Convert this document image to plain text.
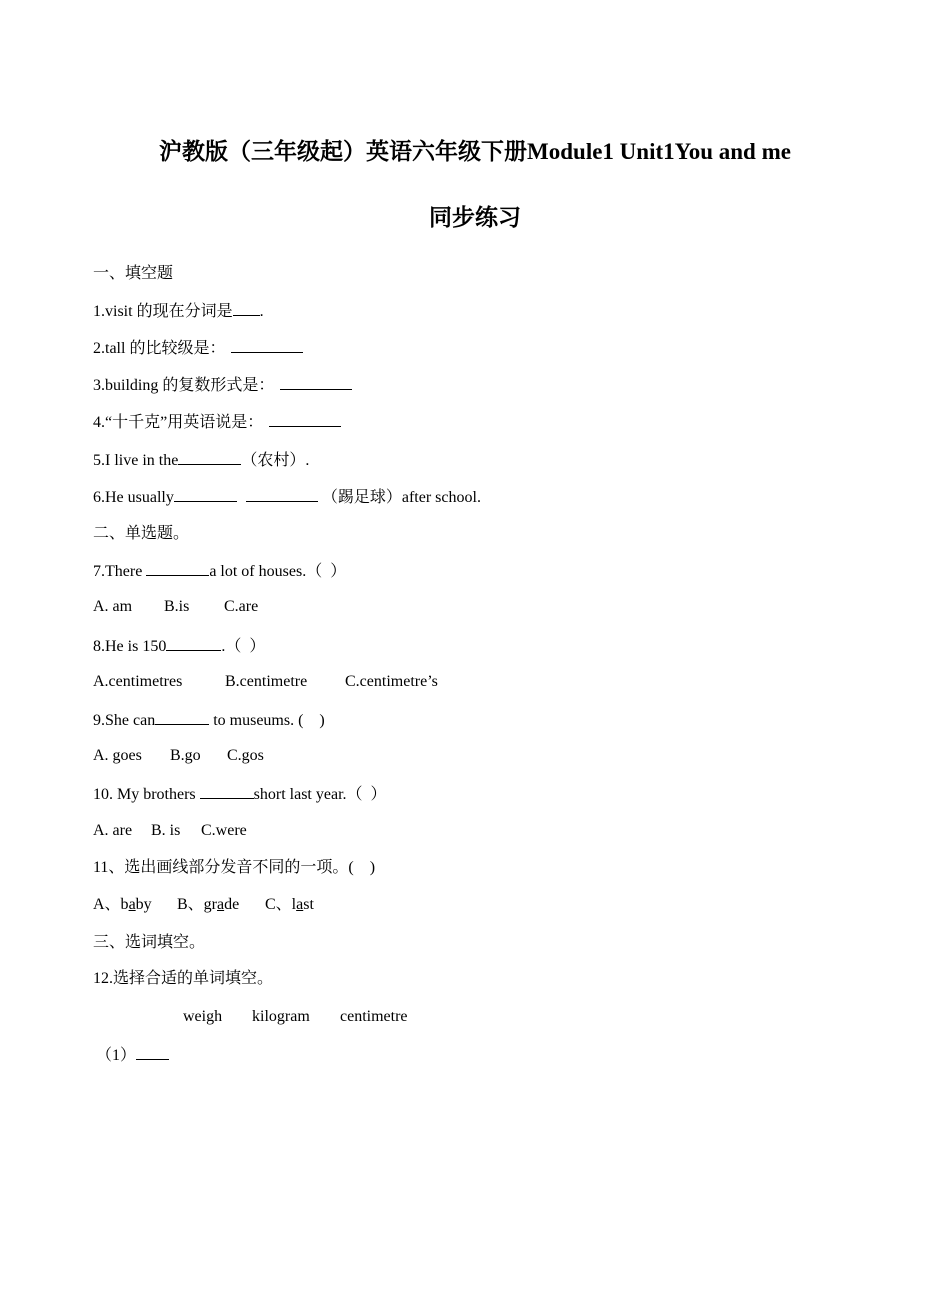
沪教版（三年级起）英语六年级下册Module1 Unit1You and me
同步练习
一、填空题
1.visit 的现在分词是 .
2.tall 的比较级是：
3.building 的复数形式是：
4.“十千克”用英语说是：
5.I live in the	（农村）.
6.He usually	（踢足球）after school.
二、单选题。
7.There	a lot of houses.（  ）
A. am B.is C.are
8.He is 150	.（  ）
A.centimetres	B.centimetre C.centimetre’s
9.She can	to museums. (    )
A. goes B.go C.gos
10. My brothers	short last year.（  ）
A. are B. is C.were
11、选出画线部分发音不同的一项。(    )
A、baby B、grade C、last
三、选词填空。
12.选择合适的单词填空。
weigh kilogram centimetre
（1）
